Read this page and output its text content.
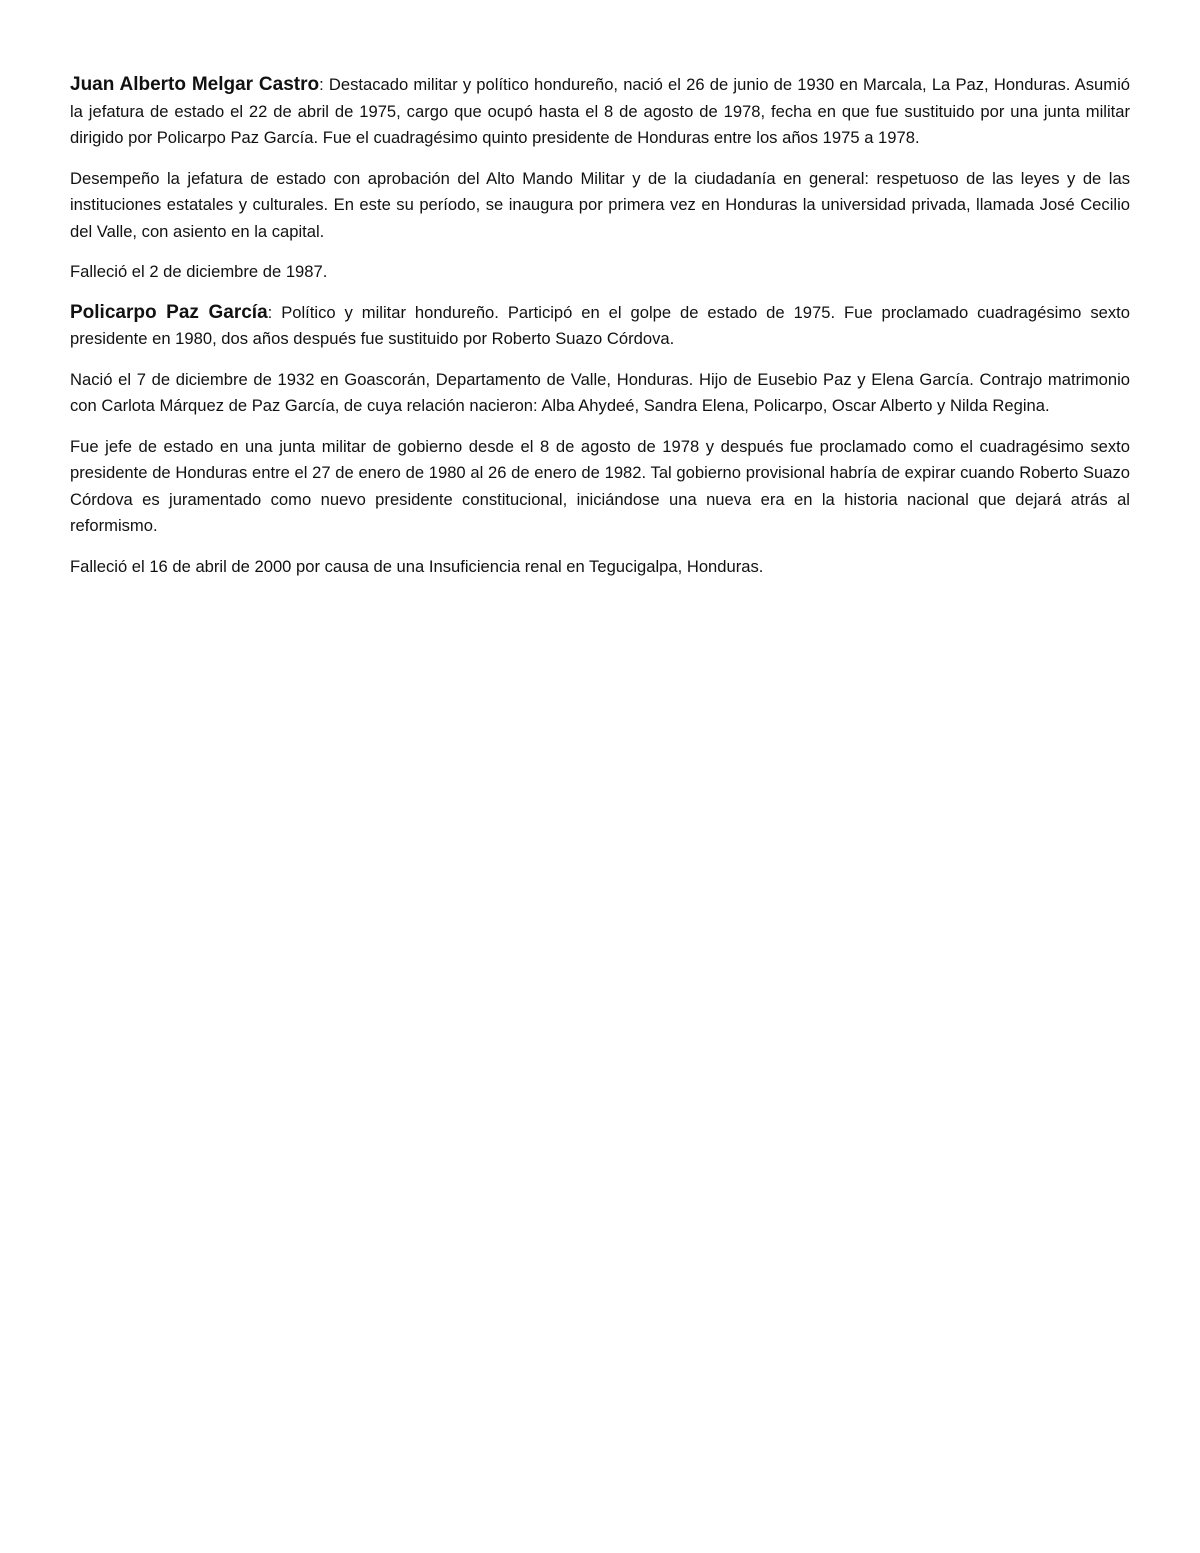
Juan Alberto Melgar Castro: Destacado militar y político hondureño, nació el 26 de junio de 1930 en Marcala, La Paz, Honduras. Asumió la jefatura de estado el 22 de abril de 1975, cargo que ocupó hasta el 8 de agosto de 1978, fecha en que fue sustituido por una junta militar dirigido por Policarpo Paz García. Fue el cuadragésimo quinto presidente de Honduras entre los años 1975 a 1978.

Desempeño la jefatura de estado con aprobación del Alto Mando Militar y de la ciudadanía en general: respetuoso de las leyes y de las instituciones estatales y culturales. En este su período, se inaugura por primera vez en Honduras la universidad privada, llamada José Cecilio del Valle, con asiento en la capital.

Falleció el 2 de diciembre de 1987.

Policarpo Paz García: Político y militar hondureño. Participó en el golpe de estado de 1975. Fue proclamado cuadragésimo sexto presidente en 1980, dos años después fue sustituido por Roberto Suazo Córdova.

Nació el 7 de diciembre de 1932 en Goascorán, Departamento de Valle, Honduras. Hijo de Eusebio Paz y Elena García. Contrajo matrimonio con Carlota Márquez de Paz García, de cuya relación nacieron: Alba Ahydeé, Sandra Elena, Policarpo, Oscar Alberto y Nilda Regina.

Fue jefe de estado en una junta militar de gobierno desde el 8 de agosto de 1978 y después fue proclamado como el cuadragésimo sexto presidente de Honduras entre el 27 de enero de 1980 al 26 de enero de 1982. Tal gobierno provisional habría de expirar cuando Roberto Suazo Córdova es juramentado como nuevo presidente constitucional, iniciándose una nueva era en la historia nacional que dejará atrás al reformismo.

Falleció el 16 de abril de 2000 por causa de una Insuficiencia renal en Tegucigalpa, Honduras.
